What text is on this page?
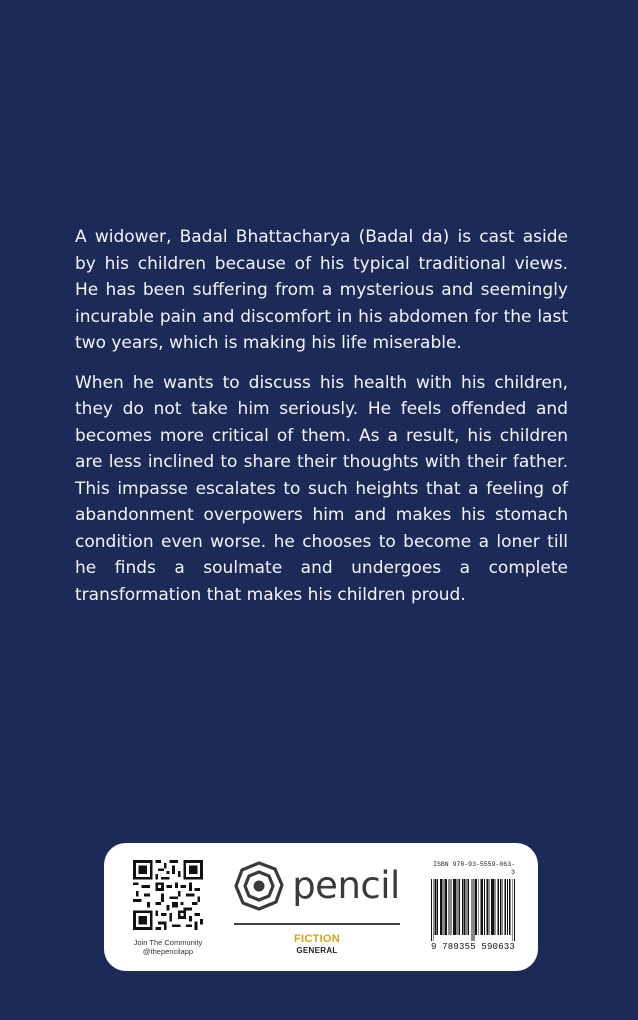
A widower, Badal Bhattacharya (Badal da) is cast aside by his children because of his typical traditional views. He has been suffering from a mysterious and seemingly incurable pain and discomfort in his abdomen for the last two years, which is making his life miserable.

When he wants to discuss his health with his children, they do not take him seriously. He feels offended and becomes more critical of them. As a result, his children are less inclined to share their thoughts with their father. This impasse escalates to such heights that a feeling of abandonment overpowers him and makes his stomach condition even worse. he chooses to become a loner till he finds a soulmate and undergoes a complete transformation that makes his children proud.

Join The Community
@thepencilapp
pencil
FICTION
GENERAL
ISBN 978-93-5559-063-3
9 789355 590633
